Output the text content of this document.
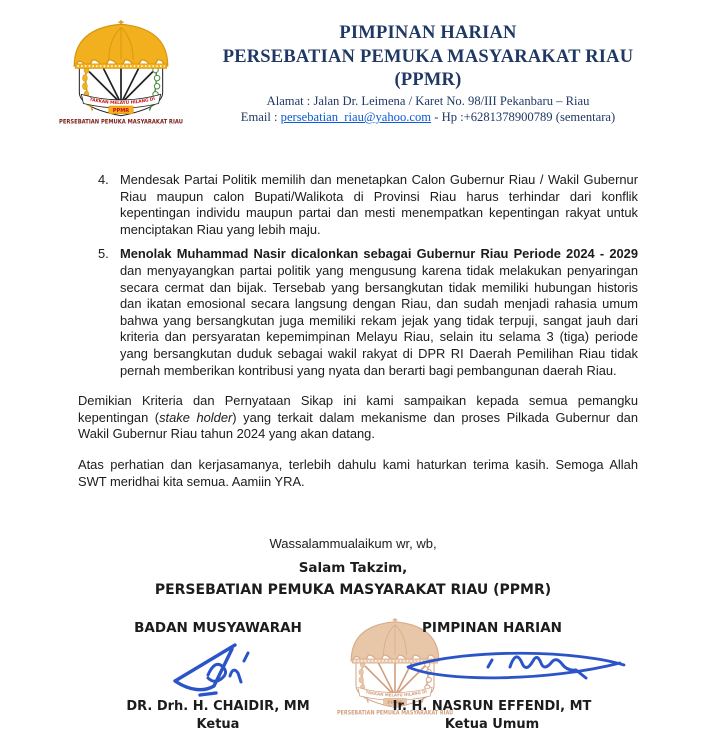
PIMPINAN HARIAN
PERSEBATIAN PEMUKA MASYARAKAT RIAU
(PPMR)
Alamat : Jalan Dr. Leimena / Karet No. 98/III Pekanbaru – Riau
Email : persebatian_riau@yahoo.com - Hp :+6281378900789 (sementara)
4. Mendesak Partai Politik memilih dan menetapkan Calon Gubernur Riau / Wakil Gubernur Riau maupun calon Bupati/Walikota di Provinsi Riau harus terhindar dari konflik kepentingan individu maupun partai dan mesti menempatkan kepentingan rakyat untuk menciptakan Riau yang lebih maju.
5. Menolak Muhammad Nasir dicalonkan sebagai Gubernur Riau Periode 2024 - 2029 dan menyayangkan partai politik yang mengusung karena tidak melakukan penyaringan secara cermat dan bijak. Tersebab yang bersangkutan tidak memiliki hubungan historis dan ikatan emosional secara langsung dengan Riau, dan sudah menjadi rahasia umum bahwa yang bersangkutan juga memiliki rekam jejak yang tidak terpuji, sangat jauh dari kriteria dan persyaratan kepemimpinan Melayu Riau, selain itu selama 3 (tiga) periode yang bersangkutan duduk sebagai wakil rakyat di DPR RI Daerah Pemilihan Riau tidak pernah memberikan kontribusi yang nyata dan berarti bagi pembangunan daerah Riau.

Demikian Kriteria dan Pernyataan Sikap ini kami sampaikan kepada semua pemangku kepentingan (stake holder) yang terkait dalam mekanisme dan proses Pilkada Gubernur dan Wakil Gubernur Riau tahun 2024 yang akan datang.

Atas perhatian dan kerjasamanya, terlebih dahulu kami haturkan terima kasih. Semoga Allah SWT meridhai kita semua. Aamiin YRA.

Wassalammualaikum wr, wb,
Salam Takzim,
PERSEBATIAN PEMUKA MASYARAKAT RIAU (PPMR)
BADAN MUSYAWARAH
DR. Drh. H. CHAIDIR, MM
Ketua
PIMPINAN HARIAN
Ir. H. NASRUN EFFENDI, MT
Ketua Umum
